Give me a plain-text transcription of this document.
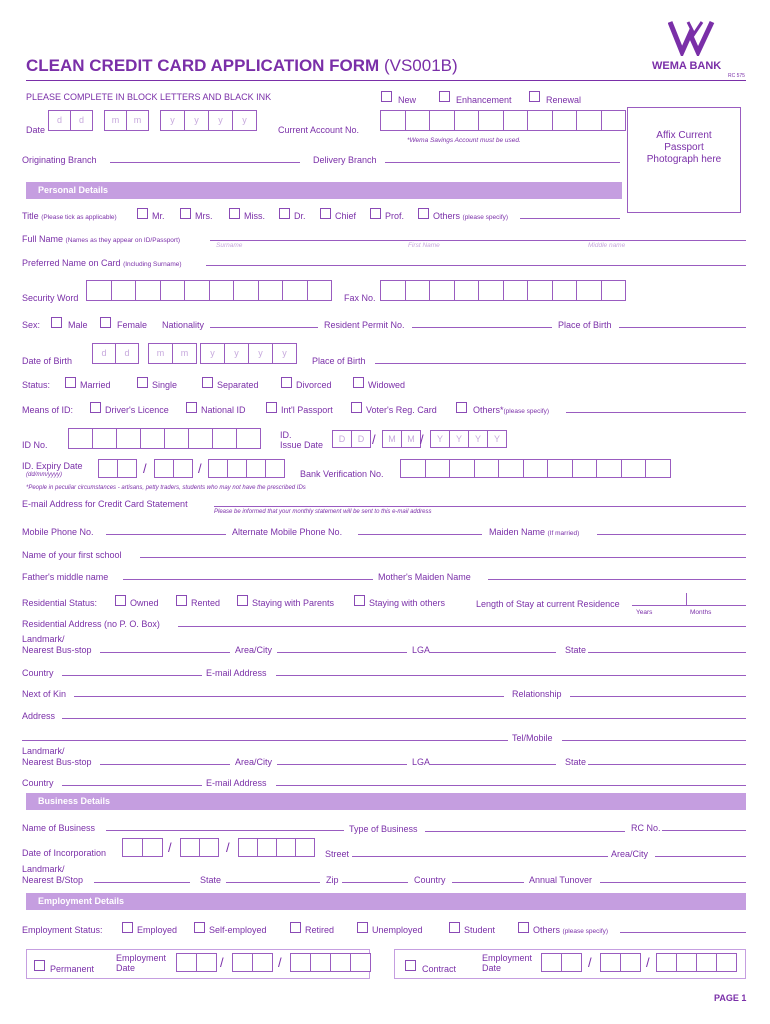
WEMA BANK
RC 575
CLEAN CREDIT CARD APPLICATION FORM (VS001B)
PLEASE COMPLETE IN BLOCK LETTERS AND BLACK INK	New	Enhancement	Renewal
Affix Current Passport Photograph here
Date
d	d	m	m	y	y	y	y
Current Account No.
*Wema Savings Account must be used.
Originating Branch	Delivery Branch
Personal Details
Title (Please tick as applicable)	Mr.	Mrs.	Miss.	Dr.	Chief	Prof.	Others (please specify)
Full Name (Names as they appear on ID/Passport)
Surname	First Name	Middle name
Preferred Name on Card (Including Surname)
Security Word	Fax No.
Sex:	Male	Female Nationality	Resident Permit No.	Place of Birth
Date of Birth
d	d	m	m	y	y	y	y
Place of Birth
Status:	Married	Single	Separated	Divorced	Widowed
Means of ID:	Driver's Licence	National ID	Int'l Passport	Voter's Reg. Card	Others*(please specify)
ID No.
ID.
Issue Date
D	D	M	M	Y	Y	Y	Y
/	/
ID. Expiry Date
(dd/mm/yyyy)	/	/	Bank Verification No.
*People in peculiar circumstances - artisans, petty traders, students who may not have the prescribed IDs
E-mail Address for Credit Card Statement
Please be informed that your monthly statement will be sent to this e-mail address
Mobile Phone No.	Alternate Mobile Phone No.	Maiden Name (If married)
Name of your first school
Father's middle name	Mother's Maiden Name
Residential Status:	Owned	Rented	Staying with Parents	Staying with others	Length of Stay at current Residence
Years	Months
Residential Address (no P. O. Box)
Landmark/
Nearest Bus-stop	Area/City	LGA	State
Country	E-mail Address
Next of Kin	Relationship
Address
Tel/Mobile
Landmark/
Nearest Bus-stop	Area/City	LGA	State
Country	E-mail Address
Business Details
Name of Business	Type of Business	RC No.
Date of Incorporation	/	/	Street	Area/City
Landmark/
Nearest B/Stop	State	Zip	Country	Annual Tunover
Employment Details
Employment Status:	Employed	Self-employed	Retired	Unemployed	Student	Others (please specify)
Permanent
Employment
Date	/	/	Contract
Employment
Date	/	/
PAGE 1
